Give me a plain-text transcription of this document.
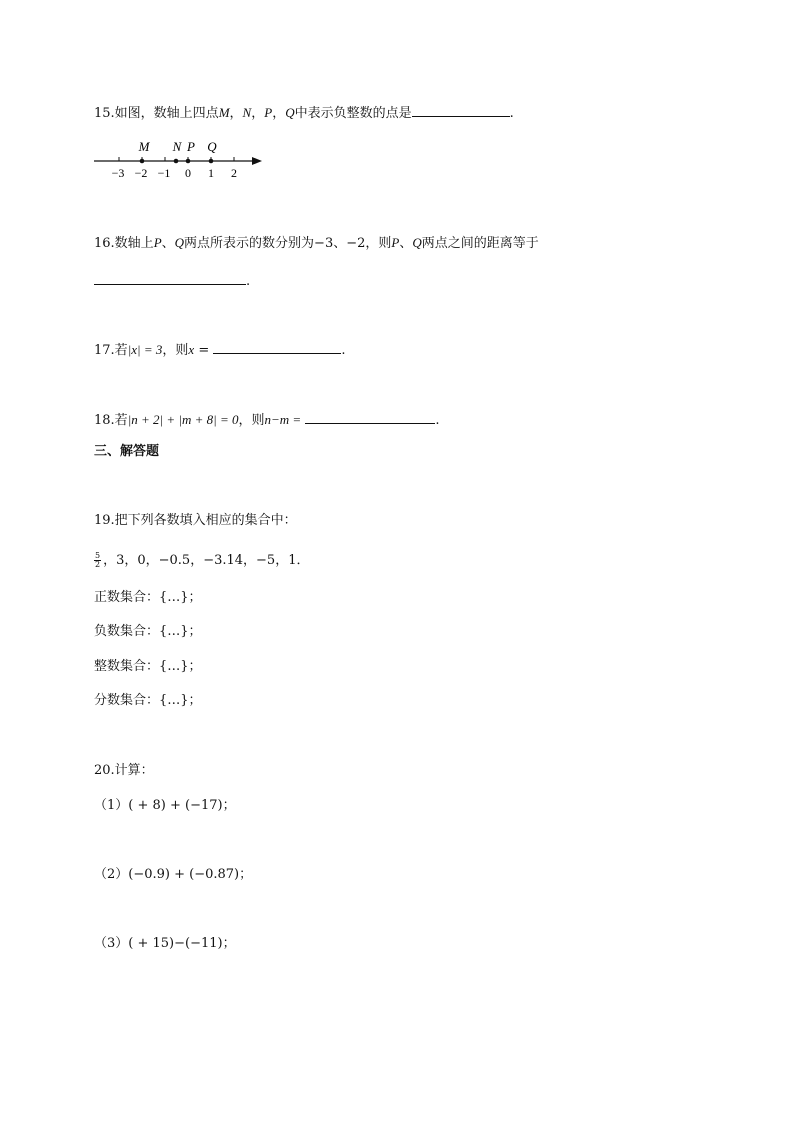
15.如图，数轴上四点M，N，P，Q中表示负整数的点是	.
M N P Q
−3 −2 −1 0 1 2
16.数轴上P、Q两点所表示的数分别为−3、−2，则P、Q两点之间的距离等于
.
17.若|x| = 3，则x =	.
18.若|n + 2| + |m + 8| = 0，则n−m =	.
三、解答题
19.把下列各数填入相应的集合中：
$\frac{5}{2}$ ，3，0，−0.5，−3.14，−5，1．
正数集合：{…}；
负数集合：{…}；
整数集合：{…}；
分数集合：{…}；
20.计算：
（1）( + 8) + (−17)；
（2）(−0.9) + (−0.87)；
（3）( + 15)−(−11)；
